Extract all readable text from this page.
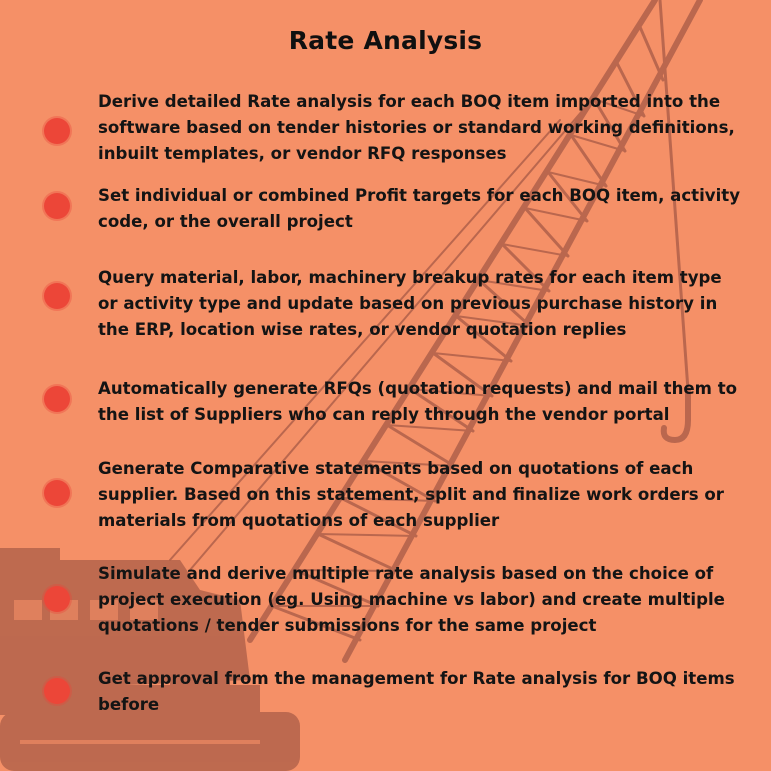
Rate Analysis

Derive detailed Rate analysis for each BOQ item imported into the software based on tender histories or standard working definitions, inbuilt templates, or vendor RFQ responses

Set individual or combined Profit targets for each BOQ item, activity code, or the overall project

Query material, labor, machinery breakup rates for each item type or activity type and update based on previous purchase history in the ERP, location wise rates, or vendor quotation replies

Automatically generate RFQs (quotation requests) and mail them to the list of Suppliers who can reply through the vendor portal

Generate Comparative statements based on quotations of each supplier. Based on this statement, split and finalize work orders or materials from quotations of each supplier

Simulate and derive multiple rate analysis based on the choice of project execution (eg. Using machine vs labor) and create multiple quotations / tender submissions for the same project

Get approval from the management for Rate analysis for BOQ items before
